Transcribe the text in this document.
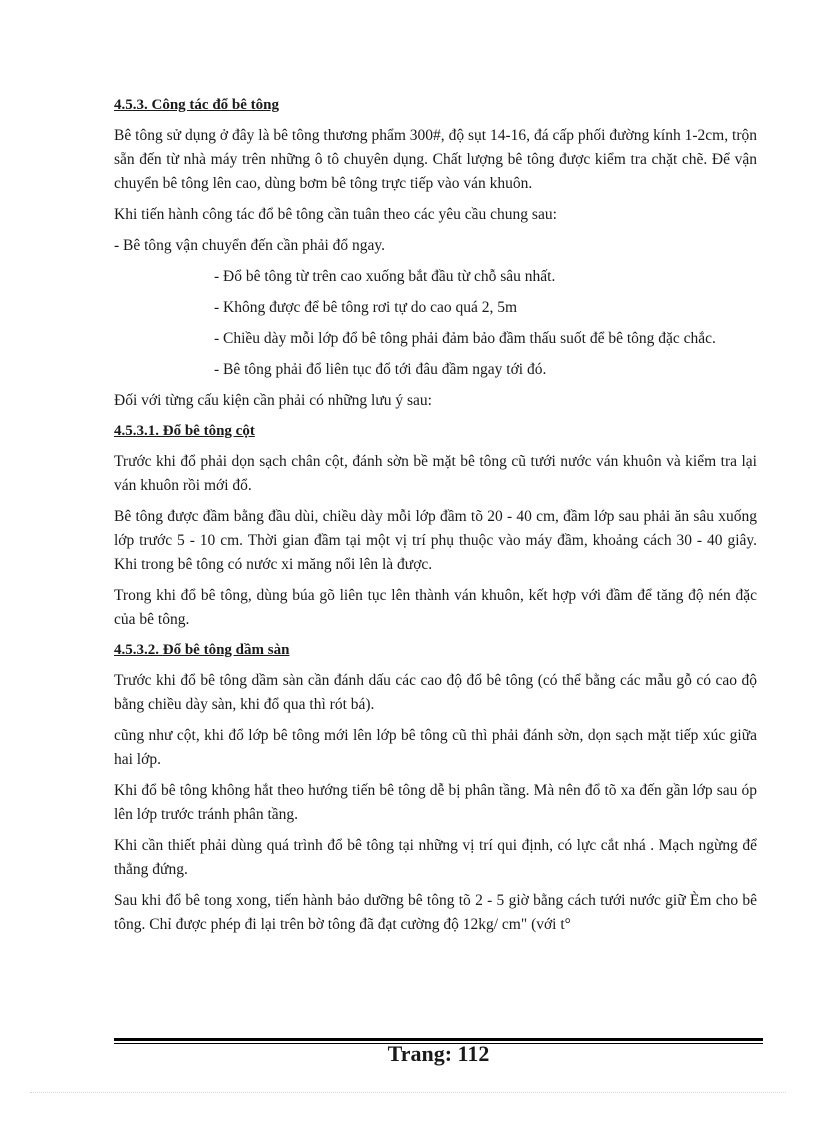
4.5.3. Công tác đổ bê tông

Bê tông sử dụng ở đây là bê tông thương phẩm 300#, độ sụt 14-16, đá cấp phối đường kính 1-2cm, trộn sẵn đến từ nhà máy trên những ô tô chuyên dụng. Chất lượng bê tông được kiểm tra chặt chẽ. Để vận chuyển bê tông lên cao, dùng bơm bê tông trực tiếp vào ván khuôn.

Khi tiến hành công tác đổ bê tông cần tuân theo các yêu cầu chung sau:

- Bê tông vận chuyển đến cần phải đổ ngay.

- Đổ bê tông từ trên cao xuống bắt đầu từ chỗ sâu nhất.

- Không được để bê tông rơi tự do cao quá 2, 5m

- Chiều dày mỗi lớp đổ bê tông phải đảm bảo đầm thấu suốt để bê tông đặc chắc.

- Bê tông phải đổ liên tục đổ tới đâu đầm ngay tới đó.

Đối với từng cấu kiện cần phải có những lưu ý sau:

4.5.3.1. Đổ bê tông cột

Trước khi đổ phải dọn sạch chân cột, đánh sờn bề mặt bê tông cũ tưới nước ván khuôn và kiểm tra lại ván khuôn rồi mới đổ.

Bê tông được đầm bằng đầu dùi, chiều dày mỗi lớp đầm tõ 20 - 40 cm, đầm lớp sau phải ăn sâu xuống lớp trước 5 - 10 cm. Thời gian đầm tại một vị trí phụ thuộc vào máy đầm, khoảng cách 30 - 40 giây. Khi trong bê tông có nước xi măng nổi lên là được.

Trong khi đổ bê tông, dùng búa gõ liên tục lên thành ván khuôn, kết hợp với đầm để tăng độ nén đặc của bê tông.

4.5.3.2. Đổ bê tông dầm sàn

Trước khi đổ bê tông dầm sàn cần đánh dấu các cao độ đổ bê tông (có thể bằng các mẫu gỗ có cao độ bằng chiều dày sàn, khi đổ qua thì rót bá).

cũng như cột, khi đổ lớp bê tông mới lên lớp bê tông cũ thì phải đánh sờn, dọn sạch mặt tiếp xúc giữa hai lớp.

Khi đổ bê tông không hắt theo hướng tiến bê tông dễ bị phân tầng. Mà nên đổ tõ xa đến gần lớp sau óp lên lớp trước tránh phân tầng.

Khi cần thiết phải dùng quá trình đổ bê tông tại những vị trí qui định, có lực cắt nhá . Mạch ngừng để thẳng đứng.

Sau khi đổ bê tong xong, tiến hành bảo dưỡng bê tông tõ 2 - 5 giờ bằng cách tưới nước giữ Èm cho bê tông. Chỉ được phép đi lại trên bờ tông đã đạt cường độ 12kg/ cm" (với t°

Trang: 112
